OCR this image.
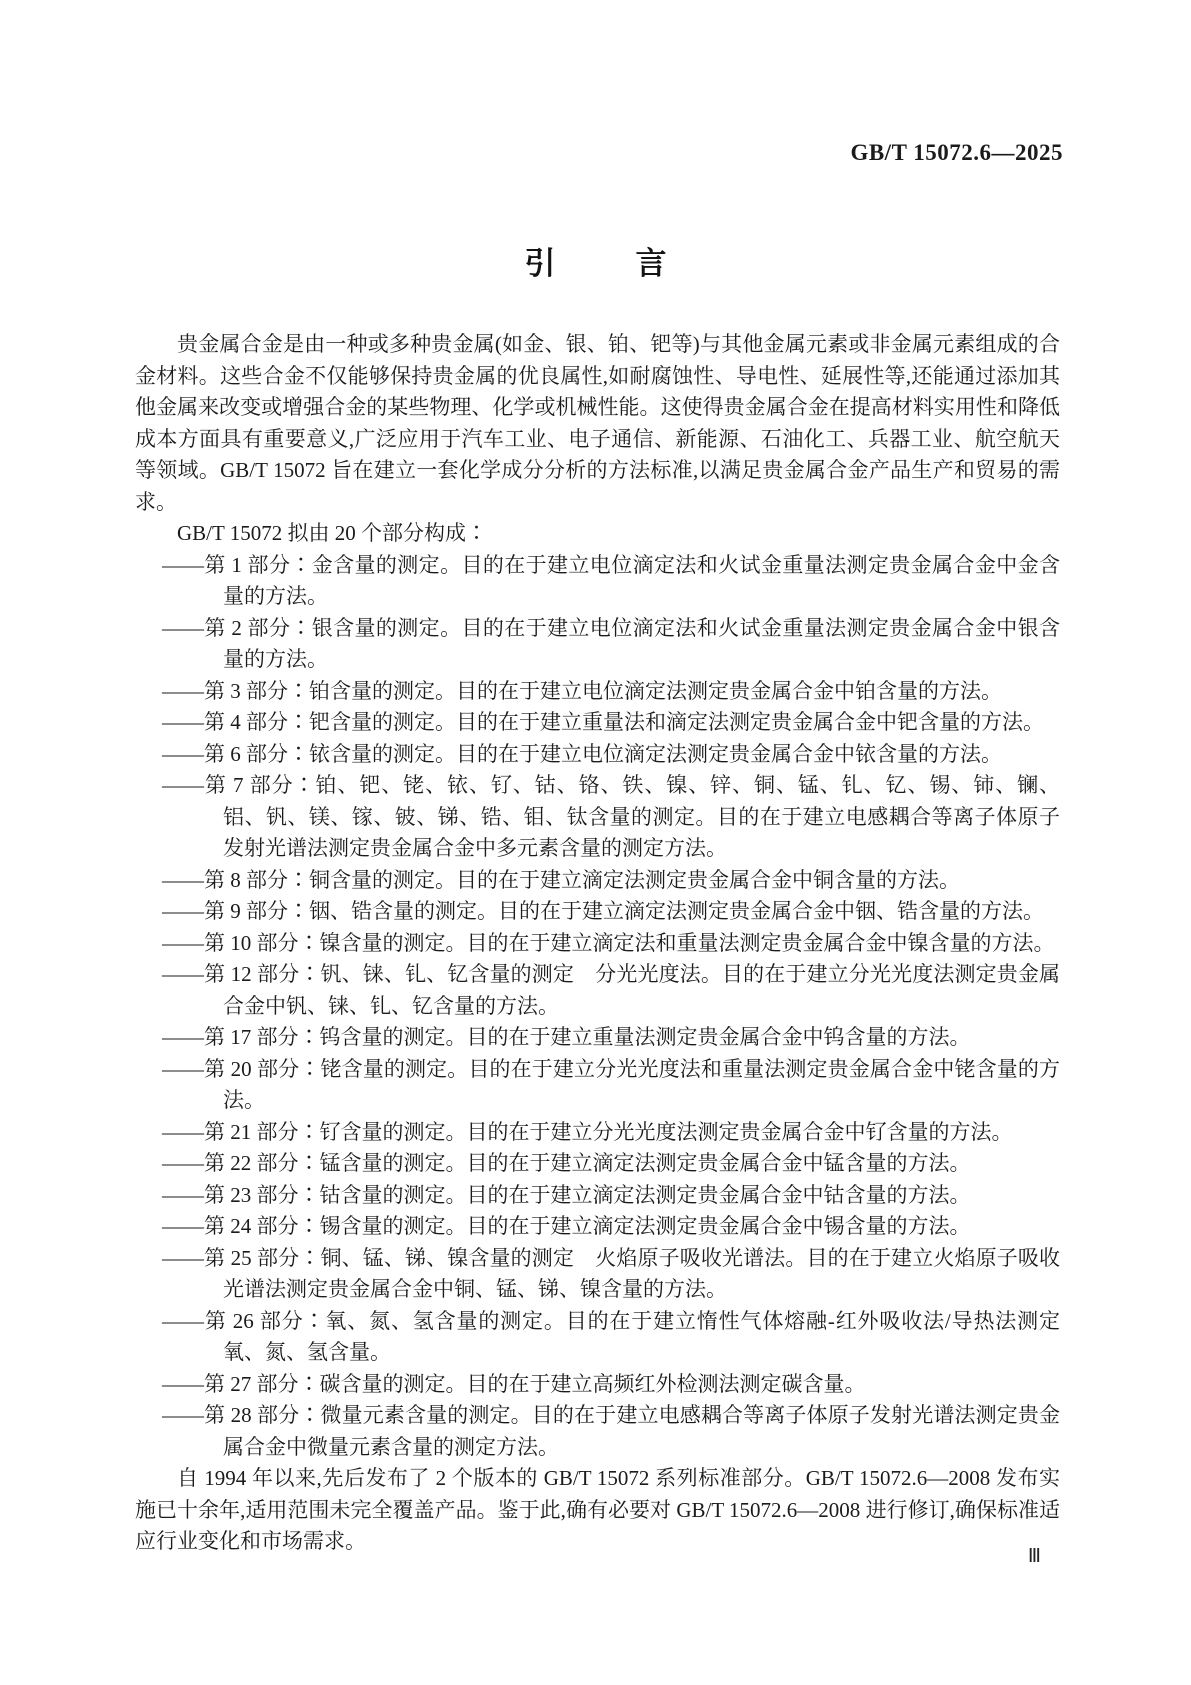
GB/T 15072.6—2025
引	言

贵金属合金是由一种或多种贵金属(如金、银、铂、钯等)与其他金属元素或非金属元素组成的合金材料。这些合金不仅能够保持贵金属的优良属性,如耐腐蚀性、导电性、延展性等,还能通过添加其他金属来改变或增强合金的某些物理、化学或机械性能。这使得贵金属合金在提高材料实用性和降低成本方面具有重要意义,广泛应用于汽车工业、电子通信、新能源、石油化工、兵器工业、航空航天等领域。GB/T 15072 旨在建立一套化学成分分析的方法标准,以满足贵金属合金产品生产和贸易的需求。

GB/T 15072 拟由 20 个部分构成∶

——第 1 部分∶金含量的测定。目的在于建立电位滴定法和火试金重量法测定贵金属合金中金含量的方法。
——第 2 部分∶银含量的测定。目的在于建立电位滴定法和火试金重量法测定贵金属合金中银含量的方法。
——第 3 部分∶铂含量的测定。目的在于建立电位滴定法测定贵金属合金中铂含量的方法。
——第 4 部分∶钯含量的测定。目的在于建立重量法和滴定法测定贵金属合金中钯含量的方法。
——第 6 部分∶铱含量的测定。目的在于建立电位滴定法测定贵金属合金中铱含量的方法。
——第 7 部分∶铂、钯、铑、铱、钌、钴、铬、铁、镍、锌、铜、锰、钆、钇、锡、铈、镧、铝、钒、镁、镓、铍、锑、锆、钼、钛含量的测定。目的在于建立电感耦合等离子体原子发射光谱法测定贵金属合金中多元素含量的测定方法。
——第 8 部分∶铜含量的测定。目的在于建立滴定法测定贵金属合金中铜含量的方法。
——第 9 部分∶铟、锆含量的测定。目的在于建立滴定法测定贵金属合金中铟、锆含量的方法。
——第 10 部分∶镍含量的测定。目的在于建立滴定法和重量法测定贵金属合金中镍含量的方法。
——第 12 部分∶钒、铼、钆、钇含量的测定　分光光度法。目的在于建立分光光度法测定贵金属合金中钒、铼、钆、钇含量的方法。
——第 17 部分∶钨含量的测定。目的在于建立重量法测定贵金属合金中钨含量的方法。
——第 20 部分∶铑含量的测定。目的在于建立分光光度法和重量法测定贵金属合金中铑含量的方法。
——第 21 部分∶钌含量的测定。目的在于建立分光光度法测定贵金属合金中钌含量的方法。
——第 22 部分∶锰含量的测定。目的在于建立滴定法测定贵金属合金中锰含量的方法。
——第 23 部分∶钴含量的测定。目的在于建立滴定法测定贵金属合金中钴含量的方法。
——第 24 部分∶锡含量的测定。目的在于建立滴定法测定贵金属合金中锡含量的方法。
——第 25 部分∶铜、锰、锑、镍含量的测定　火焰原子吸收光谱法。目的在于建立火焰原子吸收光谱法测定贵金属合金中铜、锰、锑、镍含量的方法。
——第 26 部分∶氧、氮、氢含量的测定。目的在于建立惰性气体熔融-红外吸收法/导热法测定氧、氮、氢含量。
——第 27 部分∶碳含量的测定。目的在于建立高频红外检测法测定碳含量。
——第 28 部分∶微量元素含量的测定。目的在于建立电感耦合等离子体原子发射光谱法测定贵金属合金中微量元素含量的测定方法。

自 1994 年以来,先后发布了 2 个版本的 GB/T 15072 系列标准部分。GB/T 15072.6—2008 发布实施已十余年,适用范围未完全覆盖产品。鉴于此,确有必要对 GB/T 15072.6—2008 进行修订,确保标准适应行业变化和市场需求。

Ⅲ
